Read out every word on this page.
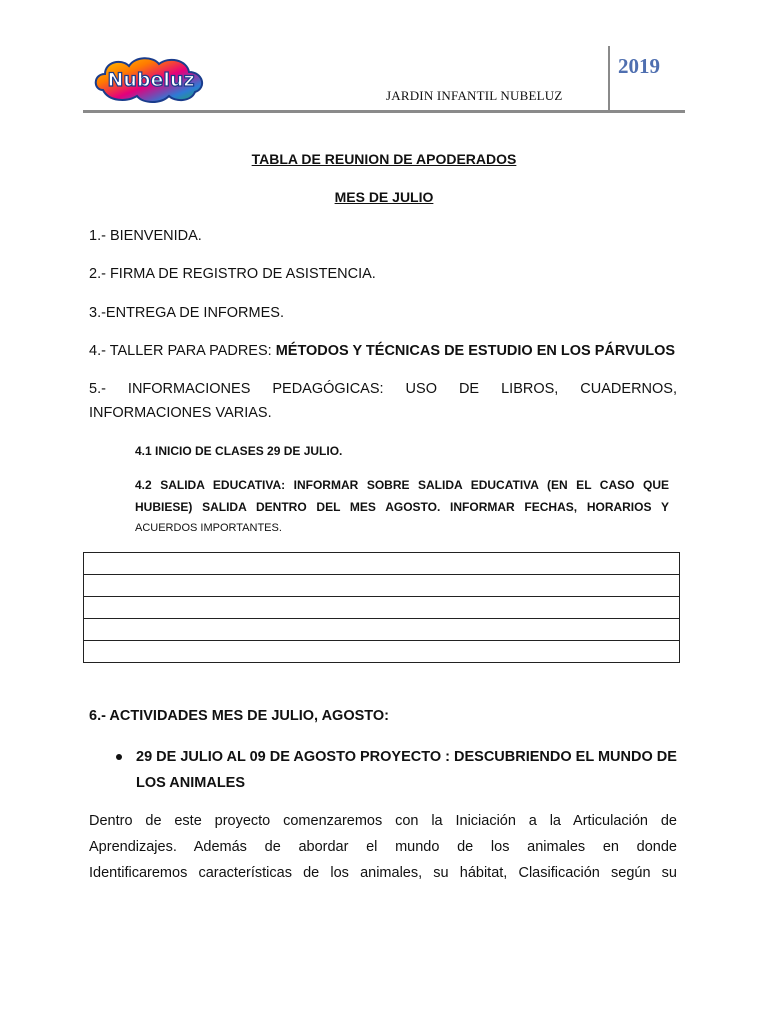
Nubeluz
JARDIN INFANTIL NUBELUZ
2019
TABLA DE REUNION DE APODERADOS
MES DE JULIO
1.- BIENVENIDA.
2.- FIRMA DE REGISTRO DE ASISTENCIA.
3.-ENTREGA DE INFORMES.
4.- TALLER PARA PADRES: MÉTODOS Y TÉCNICAS DE ESTUDIO EN LOS PÁRVULOS
5.- INFORMACIONES PEDAGÓGICAS: USO DE LIBROS, CUADERNOS,
INFORMACIONES VARIAS.
4.1 INICIO DE CLASES 29 DE JULIO.
4.2 SALIDA EDUCATIVA: INFORMAR SOBRE SALIDA EDUCATIVA (EN EL CASO QUE
HUBIESE) SALIDA DENTRO DEL MES AGOSTO. INFORMAR FECHAS, HORARIOS Y
ACUERDOS IMPORTANTES.

6.- ACTIVIDADES MES DE JULIO, AGOSTO:
29 DE JULIO AL 09 DE AGOSTO PROYECTO : DESCUBRIENDO EL MUNDO DE
LOS ANIMALES
Dentro de este proyecto comenzaremos con la Iniciación a la Articulación de
Aprendizajes. Además de abordar el mundo de los animales en donde
Identificaremos características de los animales, su hábitat, Clasificación según su
